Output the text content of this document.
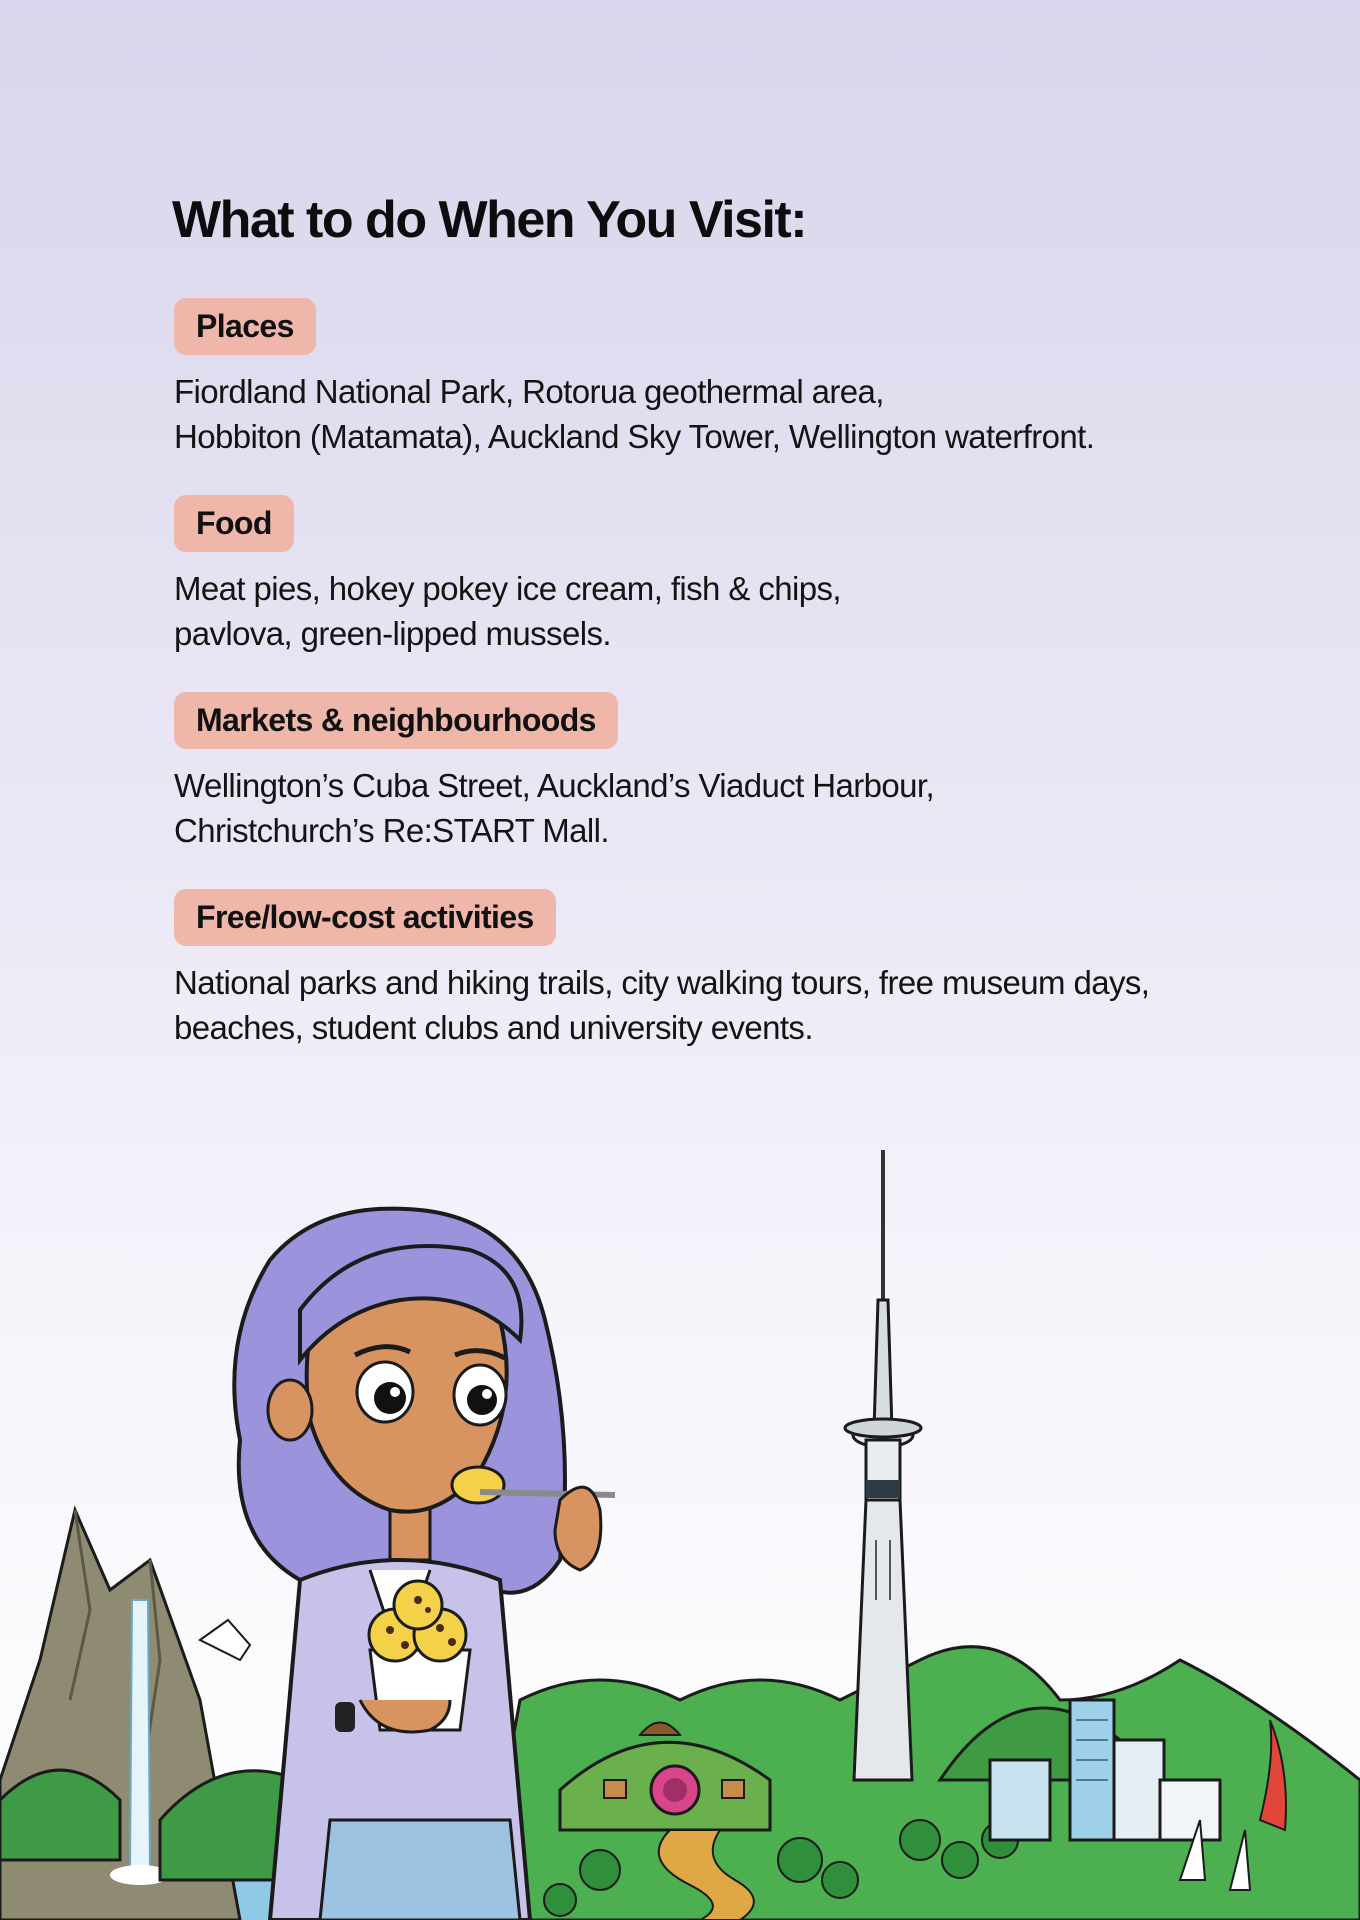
What to do When You Visit:
Places

Fiordland National Park, Rotorua geothermal area,
Hobbiton (Matamata), Auckland Sky Tower, Wellington waterfront.

Food

Meat pies, hokey pokey ice cream, fish & chips,
pavlova, green-lipped mussels.

Markets & neighbourhoods

Wellington’s Cuba Street, Auckland’s Viaduct Harbour,
Christchurch’s Re:START Mall.

Free/low-cost activities

National parks and hiking trails, city walking tours, free museum days,
beaches, student clubs and university events.
